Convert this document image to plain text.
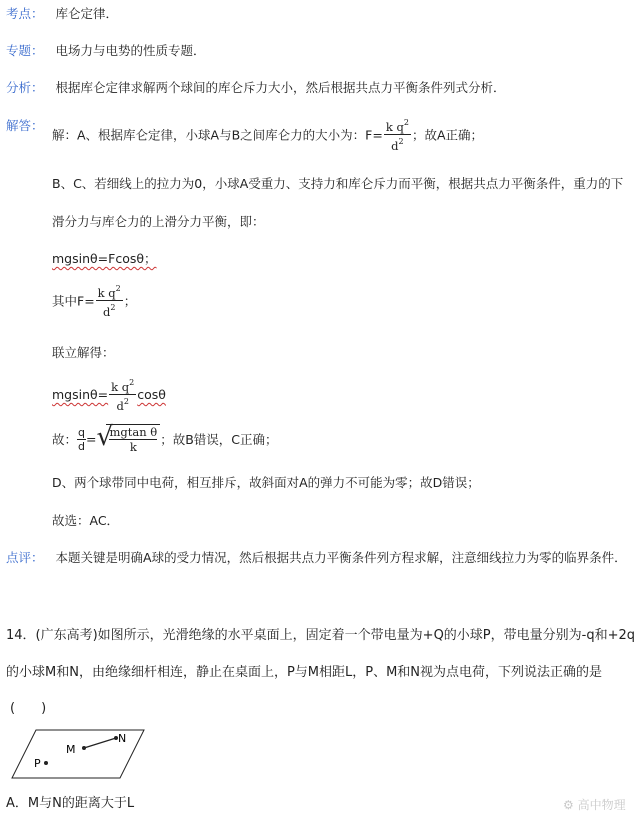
考点： 库仑定律．
专题： 电场力与电势的性质专题．
分析： 根据库仑定律求解两个球间的库仑斥力大小，然后根据共点力平衡条件列式分析．
解答：
解：A、根据库仑定律，小球A与B之间库仑力的大小为：$F= \frac{k q^2}{d^2}$ ；故A正确；
B、C、若细线上的拉力为0，小球A受重力、支持力和库仑斥力而平衡，根据共点力平衡条件，重力的下
滑分力与库仑力的上滑分力平衡，即：
mgsinθ=Fcosθ；
其中$F= \frac{k q^2}{d^2}$ ；
联立解得：
$mgsin\theta= \frac{k q^2}{d^2}$ cosθ
故： $\frac{q}{d}$ = √
$\frac{\text{mgtan θ}}{k}$ ；故B错误，C正确；
D、两个球带同中电荷，相互排斥，故斜面对A的弹力不可能为零；故D错误；
故选：AC．
点评： 本题关键是明确A球的受力情况，然后根据共点力平衡条件列方程求解，注意细线拉力为零的临界条件．
14．(广东高考)如图所示，光滑绝缘的水平桌面上，固定着一个带电量为+Q的小球P，带电量分别为-q和+2q
的小球M和N，由绝缘细杆相连，静止在桌面上，P与M相距L，P、M和N视为点电荷，下列说法正确的是
(　　)
M
N
P
A．M与N的距离大于L	⚙ 高中物理
